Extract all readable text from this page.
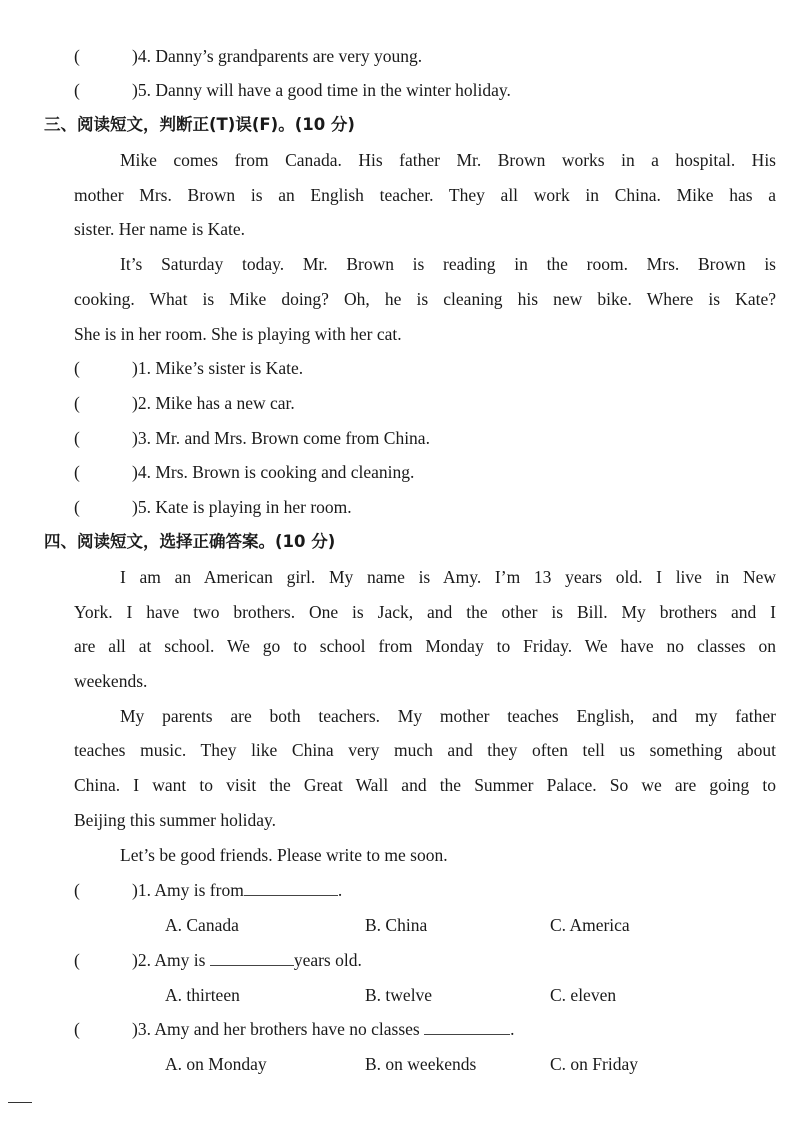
(	)4. Danny’s grandparents are very young.
(	)5. Danny will have a good time in the winter holiday.
三、阅读短文，判断正(T)误(F)。(10 分)
Mike comes from Canada. His father Mr. Brown works in a hospital. His
mother Mrs. Brown is an English teacher. They all work in China. Mike has a
sister. Her name is Kate.
It’s Saturday today. Mr. Brown is reading in the room. Mrs. Brown is
cooking. What is Mike doing? Oh, he is cleaning his new bike. Where is Kate?
She is in her room. She is playing with her cat.
(	)1. Mike’s sister is Kate.
(	)2. Mike has a new car.
(	)3. Mr. and Mrs. Brown come from China.
(	)4. Mrs. Brown is cooking and cleaning.
(	)5. Kate is playing in her room.
四、阅读短文，选择正确答案。(10 分)
I am an American girl. My name is Amy. I’m 13 years old. I live in New
York. I have two brothers. One is Jack, and the other is Bill. My brothers and I
are all at school. We go to school from Monday to Friday. We have no classes on
weekends.
My parents are both teachers. My mother teaches English, and my father
teaches music. They like China very much and they often tell us something about
China. I want to visit the Great Wall and the Summer Palace. So we are going to
Beijing this summer holiday.
Let’s be good friends. Please write to me soon.
(	)1. Amy is from	.
A. Canada	B. China	C. America
(	)2. Amy is	years old.
A. thirteen	B. twelve	C. eleven
(	)3. Amy and her brothers have no classes	.
A. on Monday	B. on weekends	C. on Friday
